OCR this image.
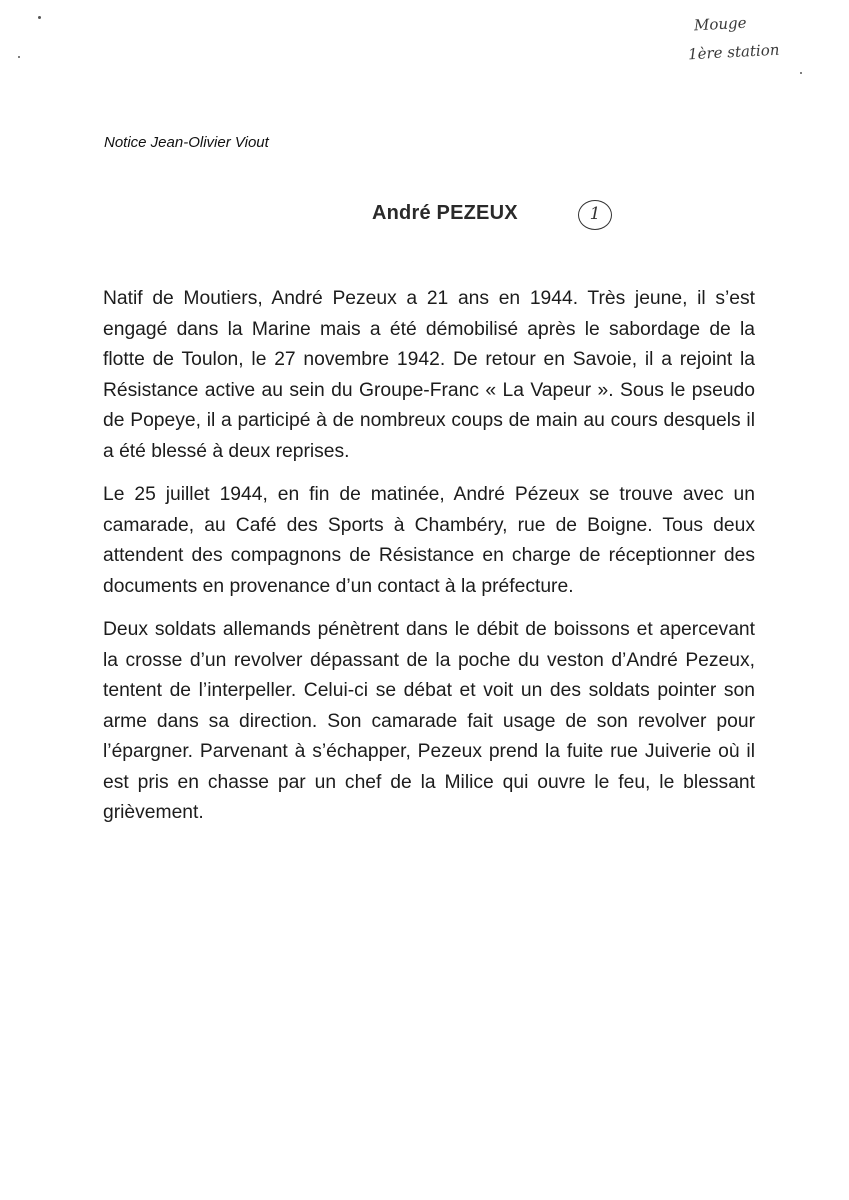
Mouge
1ère station
Notice Jean-Olivier Viout
André PEZEUX	1

Natif de Moutiers, André Pezeux a 21 ans en 1944. Très jeune, il s’est engagé dans la Marine mais a été démobilisé après le sabordage de la flotte de Toulon, le 27 novembre 1942. De retour en Savoie, il a rejoint la Résistance active au sein du Groupe-Franc « La Vapeur ». Sous le pseudo de Popeye, il a participé à de nombreux coups de main au cours desquels il a été blessé à deux reprises.

Le 25 juillet 1944, en fin de matinée, André Pézeux se trouve avec un camarade, au Café des Sports à Chambéry, rue de Boigne. Tous deux attendent des compagnons de Résistance en charge de réceptionner des documents en provenance d’un contact à la préfecture.

Deux soldats allemands pénètrent dans le débit de boissons et apercevant la crosse d’un revolver dépassant de la poche du veston d’André Pezeux, tentent de l’interpeller. Celui-ci se débat et voit un des soldats pointer son arme dans sa direction. Son camarade fait usage de son revolver pour l’épargner. Parvenant à s’échapper, Pezeux prend la fuite rue Juiverie où il est pris en chasse par un chef de la Milice qui ouvre le feu, le blessant grièvement.
